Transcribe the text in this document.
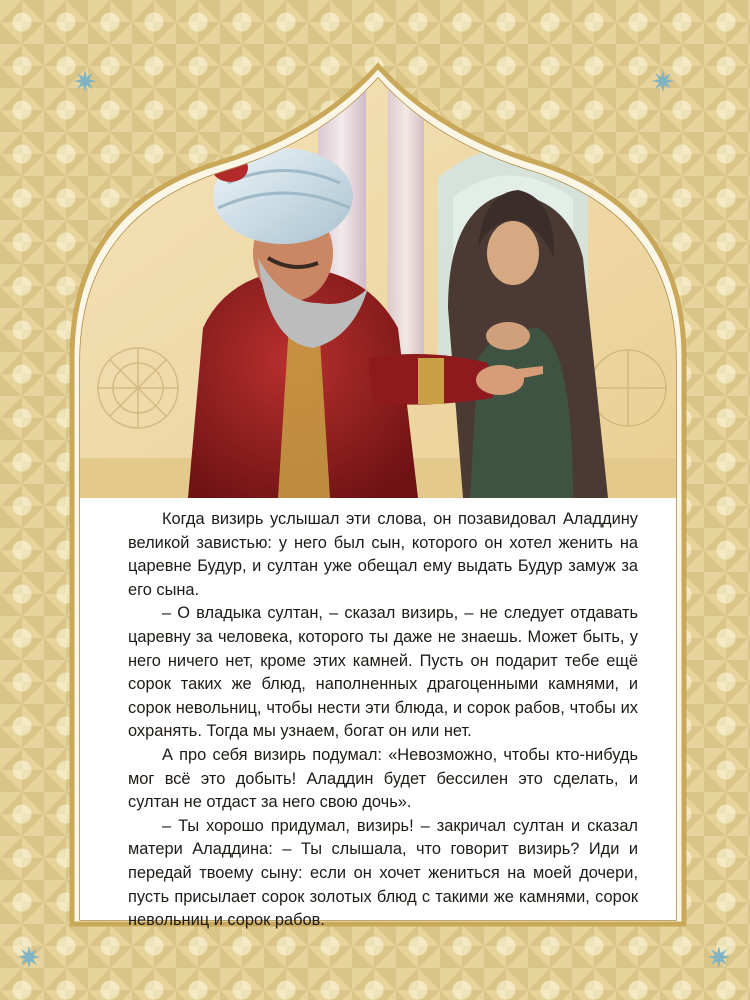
✷	✷
✷	✷

Когда визирь услышал эти слова, он позавидовал Аладдину великой завистью: у него был сын, которого он хотел женить на царевне Будур, и султан уже обещал ему выдать Будур замуж за его сына.

– О владыка султан, – сказал визирь, – не следует отдавать царевну за человека, которого ты даже не знаешь. Может быть, у него ничего нет, кроме этих камней. Пусть он подарит тебе ещё сорок таких же блюд, наполненных драгоценными камнями, и сорок невольниц, чтобы нести эти блюда, и сорок рабов, чтобы их охранять. Тогда мы узнаем, богат он или нет.

А про себя визирь подумал: «Невозможно, чтобы кто-нибудь мог всё это добыть! Аладдин будет бессилен это сделать, и султан не отдаст за него свою дочь».

– Ты хорошо придумал, визирь! – закричал султан и сказал матери Аладдина: – Ты слышала, что говорит визирь? Иди и передай твоему сыну: если он хочет жениться на моей дочери, пусть присылает сорок золотых блюд с такими же камнями, сорок невольниц и сорок рабов.
